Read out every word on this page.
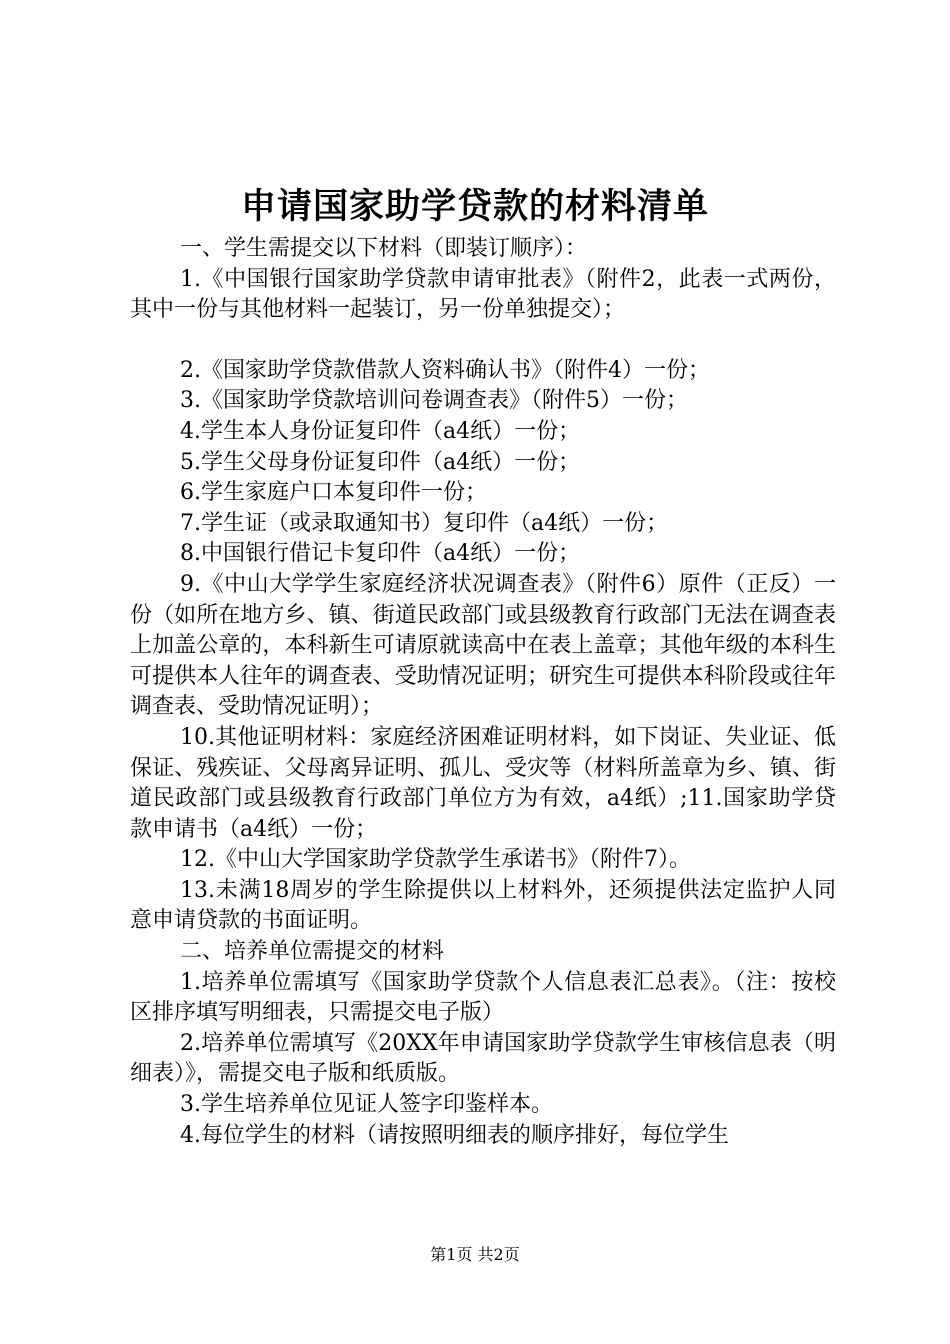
申请国家助学贷款的材料清单

一、学生需提交以下材料（即装订顺序）：

1.《中国银行国家助学贷款申请审批表》（附件2，此表一式两份，其中一份与其他材料一起装订，另一份单独提交）；

2.《国家助学贷款借款人资料确认书》（附件4）一份；

3.《国家助学贷款培训问卷调查表》（附件5）一份；

4.学生本人身份证复印件（a4纸）一份；

5.学生父母身份证复印件（a4纸）一份；

6.学生家庭户口本复印件一份；

7.学生证（或录取通知书）复印件（a4纸）一份；

8.中国银行借记卡复印件（a4纸）一份；

9.《中山大学学生家庭经济状况调查表》（附件6）原件（正反）一份（如所在地方乡、镇、街道民政部门或县级教育行政部门无法在调查表上加盖公章的，本科新生可请原就读高中在表上盖章；其他年级的本科生可提供本人往年的调查表、受助情况证明；研究生可提供本科阶段或往年调查表、受助情况证明）；

10.其他证明材料：家庭经济困难证明材料，如下岗证、失业证、低保证、残疾证、父母离异证明、孤儿、受灾等（材料所盖章为乡、镇、街道民政部门或县级教育行政部门单位方为有效，a4纸）;11.国家助学贷款申请书（a4纸）一份；

12.《中山大学国家助学贷款学生承诺书》（附件7）。

13.未满18周岁的学生除提供以上材料外，还须提供法定监护人同意申请贷款的书面证明。

二、培养单位需提交的材料

1.培养单位需填写《国家助学贷款个人信息表汇总表》。（注：按校区排序填写明细表，只需提交电子版）

2.培养单位需填写《20XX年申请国家助学贷款学生审核信息表（明细表）》，需提交电子版和纸质版。

3.学生培养单位见证人签字印鉴样本。

4.每位学生的材料（请按照明细表的顺序排好，每位学生

第1页 共2页
